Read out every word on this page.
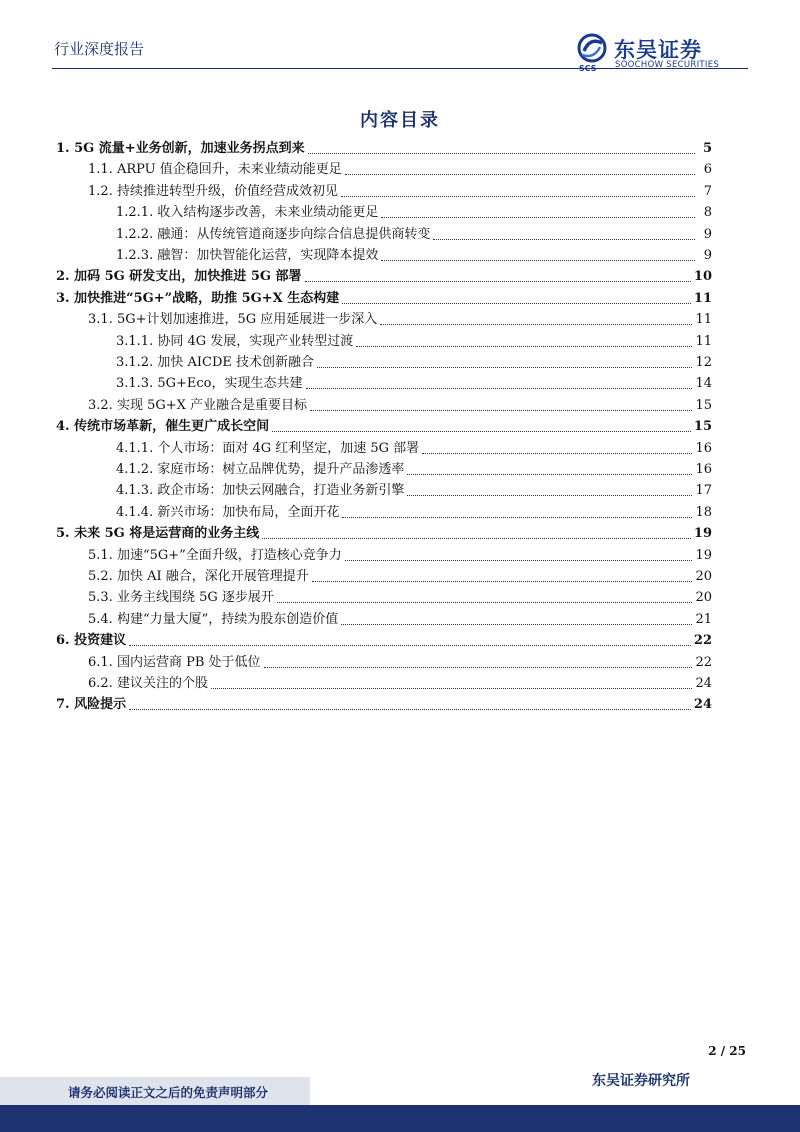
行业深度报告
SCS
东吴证券
SOOCHOW SECURITIES
内容目录
1. 5G 流量+业务创新，加速业务拐点到来	5
1.1. ARPU 值企稳回升，未来业绩动能更足	6
1.2. 持续推进转型升级，价值经营成效初见	7
1.2.1. 收入结构逐步改善，未来业绩动能更足	8
1.2.2. 融通：从传统管道商逐步向综合信息提供商转变	9
1.2.3. 融智：加快智能化运营，实现降本提效	9
2. 加码 5G 研发支出，加快推进 5G 部署	10
3. 加快推进“5G+”战略，助推 5G+X 生态构建	11
3.1. 5G+计划加速推进，5G 应用延展进一步深入	11
3.1.1. 协同 4G 发展，实现产业转型过渡	11
3.1.2. 加快 AICDE 技术创新融合	12
3.1.3. 5G+Eco，实现生态共建	14
3.2. 实现 5G+X 产业融合是重要目标	15
4. 传统市场革新，催生更广成长空间	15
4.1.1. 个人市场：面对 4G 红利坚定，加速 5G 部署	16
4.1.2. 家庭市场：树立品牌优势，提升产品渗透率	16
4.1.3. 政企市场：加快云网融合，打造业务新引擎	17
4.1.4. 新兴市场：加快布局，全面开花	18
5. 未来 5G 将是运营商的业务主线	19
5.1. 加速“5G+”全面升级，打造核心竞争力	19
5.2. 加快 AI 融合，深化开展管理提升	20
5.3. 业务主线围绕 5G 逐步展开	20
5.4. 构建“力量大厦”，持续为股东创造价值	21
6. 投资建议	22
6.1. 国内运营商 PB 处于低位	22
6.2. 建议关注的个股	24
7. 风险提示	24
2 / 25
请务必阅读正文之后的免责声明部分
东吴证券研究所
